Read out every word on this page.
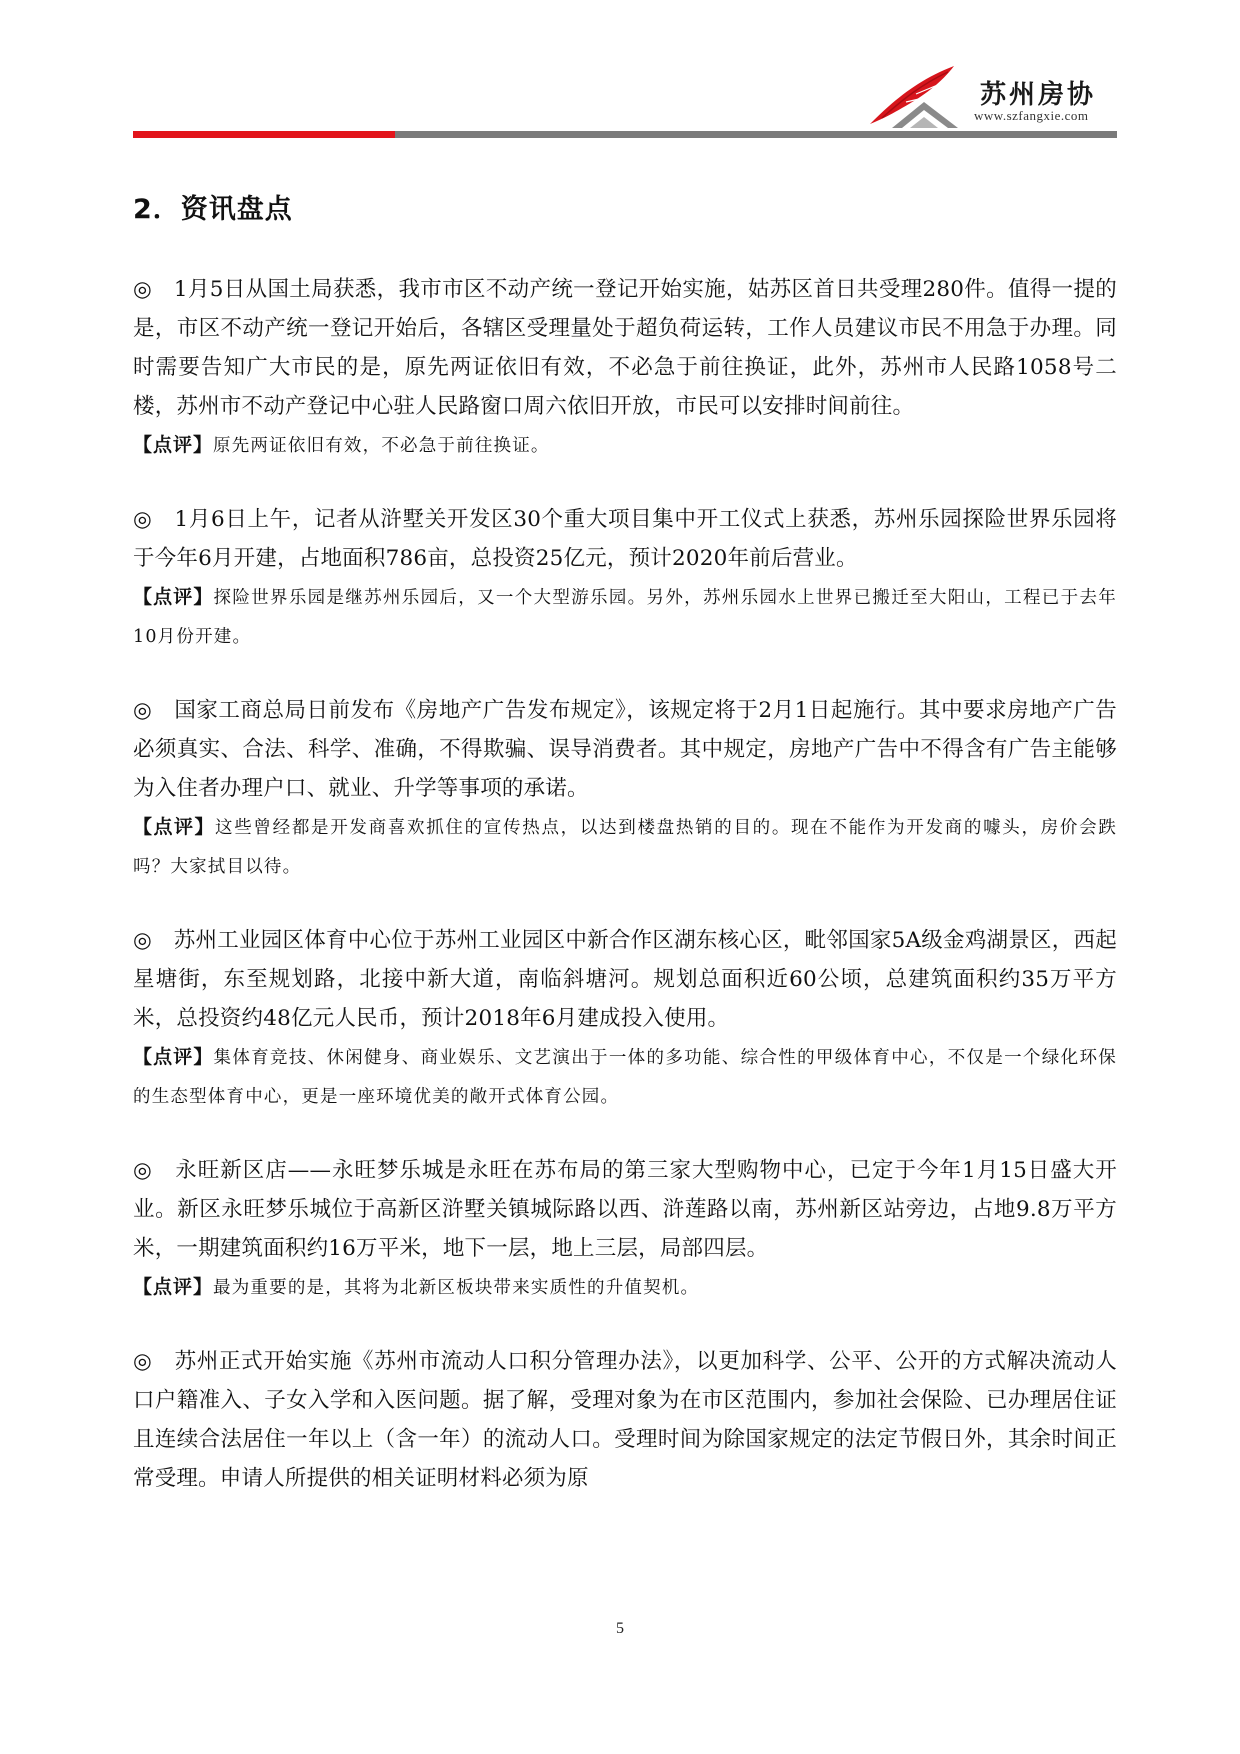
苏州房协
www.szfangxie.com
2．资讯盘点

◎　1月5日从国土局获悉，我市市区不动产统一登记开始实施，姑苏区首日共受理280件。值得一提的是，市区不动产统一登记开始后，各辖区受理量处于超负荷运转，工作人员建议市民不用急于办理。同时需要告知广大市民的是，原先两证依旧有效，不必急于前往换证，此外，苏州市人民路1058号二楼，苏州市不动产登记中心驻人民路窗口周六依旧开放，市民可以安排时间前往。

【点评】原先两证依旧有效，不必急于前往换证。

◎　1月6日上午，记者从浒墅关开发区30个重大项目集中开工仪式上获悉，苏州乐园探险世界乐园将于今年6月开建，占地面积786亩，总投资25亿元，预计2020年前后营业。

【点评】探险世界乐园是继苏州乐园后，又一个大型游乐园。另外，苏州乐园水上世界已搬迁至大阳山，工程已于去年10月份开建。

◎　国家工商总局日前发布《房地产广告发布规定》，该规定将于2月1日起施行。其中要求房地产广告必须真实、合法、科学、准确，不得欺骗、误导消费者。其中规定，房地产广告中不得含有广告主能够为入住者办理户口、就业、升学等事项的承诺。

【点评】这些曾经都是开发商喜欢抓住的宣传热点，以达到楼盘热销的目的。现在不能作为开发商的噱头，房价会跌吗？大家拭目以待。

◎　苏州工业园区体育中心位于苏州工业园区中新合作区湖东核心区，毗邻国家5A级金鸡湖景区，西起星塘街，东至规划路，北接中新大道，南临斜塘河。规划总面积近60公顷，总建筑面积约35万平方米，总投资约48亿元人民币，预计2018年6月建成投入使用。

【点评】集体育竞技、休闲健身、商业娱乐、文艺演出于一体的多功能、综合性的甲级体育中心，不仅是一个绿化环保的生态型体育中心，更是一座环境优美的敞开式体育公园。

◎　永旺新区店——永旺梦乐城是永旺在苏布局的第三家大型购物中心，已定于今年1月15日盛大开业。新区永旺梦乐城位于高新区浒墅关镇城际路以西、浒莲路以南，苏州新区站旁边，占地9.8万平方米，一期建筑面积约16万平米，地下一层，地上三层，局部四层。

【点评】最为重要的是，其将为北新区板块带来实质性的升值契机。

◎　苏州正式开始实施《苏州市流动人口积分管理办法》，以更加科学、公平、公开的方式解决流动人口户籍准入、子女入学和入医问题。据了解，受理对象为在市区范围内，参加社会保险、已办理居住证且连续合法居住一年以上（含一年）的流动人口。受理时间为除国家规定的法定节假日外，其余时间正常受理。申请人所提供的相关证明材料必须为原

5
